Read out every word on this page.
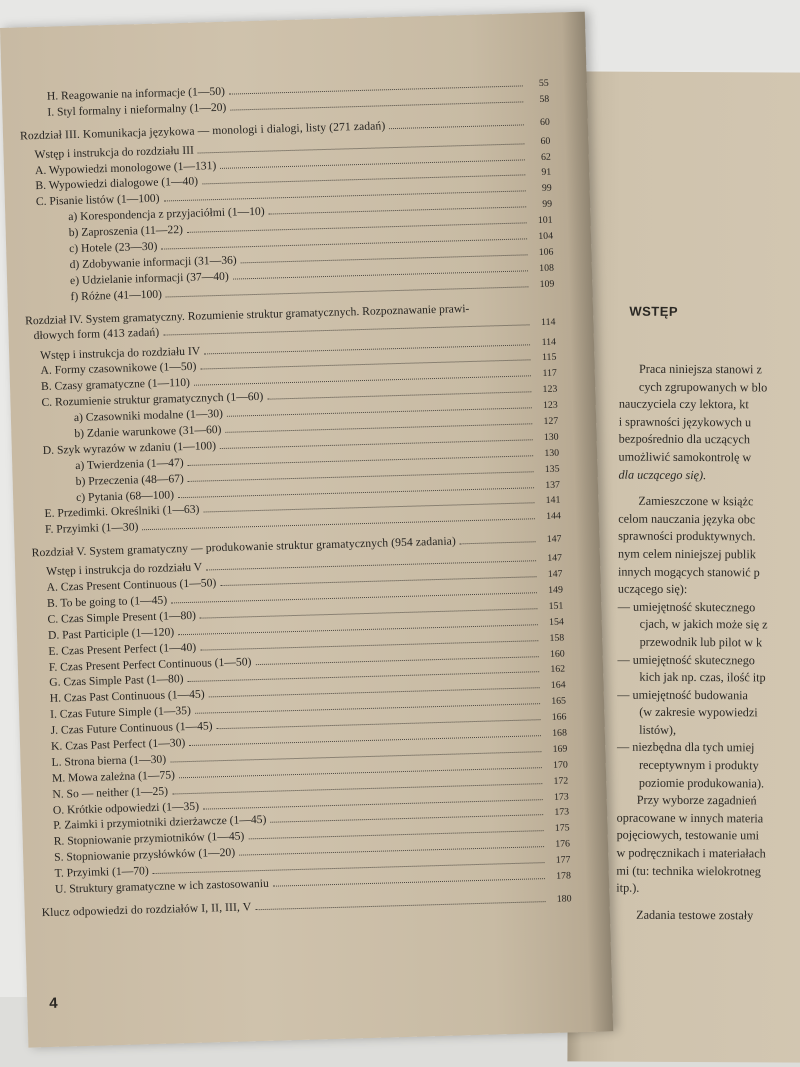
WSTĘP
Praca niniejsza stanowi z
cych zgrupowanych w blo
nauczyciela czy lektora, kt
i sprawności językowych u
bezpośrednio dla uczących
umożliwić samokontrolę w
dla uczącego się).
Zamieszczone w książc
celom nauczania języka obc
sprawności produktywnych.
nym celem niniejszej publik
innych mogących stanowić p
uczącego się):
— umiejętność skutecznego
cjach, w jakich może się z
przewodnik lub pilot w k
— umiejętność skutecznego
kich jak np. czas, ilość itp
— umiejętność budowania
(w zakresie wypowiedzi
listów),
— niezbędna dla tych umiej
receptywnym i produkty
poziomie produkowania).
Przy wyborze zagadnień
opracowane w innych materia
pojęciowych, testowanie umi
w podręcznikach i materiałach
mi (tu: technika wielokrotneg
itp.).
Zadania testowe zostały
H. Reagowanie na informacje (1—50)
55
I. Styl formalny i nieformalny (1—20)
58
Rozdział III. Komunikacja językowa — monologi i dialogi, listy (271 zadań)	60
Wstęp i instrukcja do rozdziału III
60
A. Wypowiedzi monologowe (1—131)
62
B. Wypowiedzi dialogowe (1—40)
91
C. Pisanie listów (1—100)
99
a) Korespondencja z przyjaciółmi (1—10)
99
b) Zaproszenia (11—22)
101
c) Hotele (23—30)
104
d) Zdobywanie informacji (31—36)
106
e) Udzielanie informacji (37—40)
108
f) Różne (41—100)
109
Rozdział IV. System gramatyczny. Rozumienie struktur gramatycznych. Rozpoznawanie prawi-
dłowych form (413 zadań)
114
Wstęp i instrukcja do rozdziału IV
114
A. Formy czasownikowe (1—50)
115
B. Czasy gramatyczne (1—110)
117
C. Rozumienie struktur gramatycznych (1—60)
123
a) Czasowniki modalne (1—30)
123
b) Zdanie warunkowe (31—60)
127
D. Szyk wyrazów w zdaniu (1—100)
130
a) Twierdzenia (1—47)
130
b) Przeczenia (48—67)
135
c) Pytania (68—100)
137
E. Przedimki. Określniki (1—63)
141
F. Przyimki (1—30)
144
Rozdział V. System gramatyczny — produkowanie struktur gramatycznych (954 zadania)	147
Wstęp i instrukcja do rozdziału V
147
A. Czas Present Continuous (1—50)
147
B. To be going to (1—45)
149
C. Czas Simple Present (1—80)
151
D. Past Participle (1—120)
154
E. Czas Present Perfect (1—40)
158
F. Czas Present Perfect Continuous (1—50)
160
G. Czas Simple Past (1—80)
162
H. Czas Past Continuous (1—45)
164
I. Czas Future Simple (1—35)
165
J. Czas Future Continuous (1—45)
166
K. Czas Past Perfect (1—30)
168
L. Strona bierna (1—30)
169
M. Mowa zależna (1—75)
170
N. So — neither (1—25)
172
O. Krótkie odpowiedzi (1—35)
173
P. Zaimki i przymiotniki dzierżawcze (1—45)
173
R. Stopniowanie przymiotników (1—45)
175
S. Stopniowanie przysłówków (1—20)
176
T. Przyimki (1—70)
177
U. Struktury gramatyczne w ich zastosowaniu
178
Klucz odpowiedzi do rozdziałów I, II, III, V
180
4
